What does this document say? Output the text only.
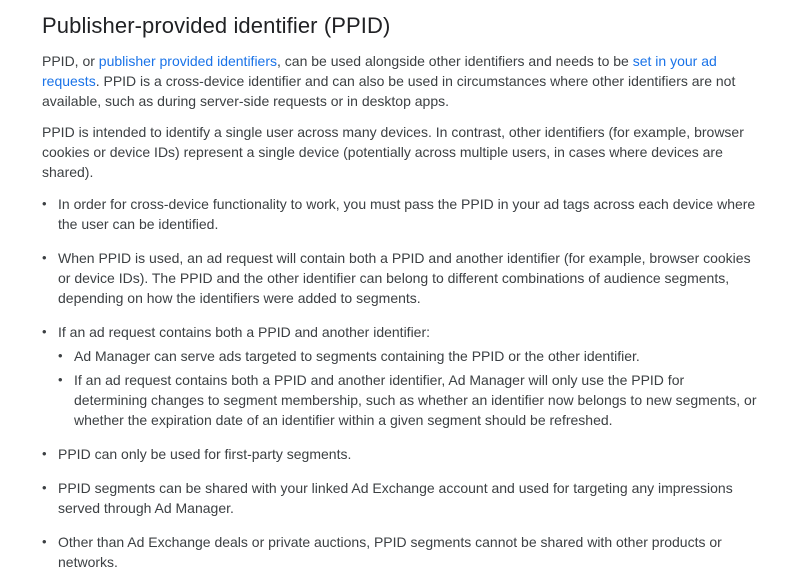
Publisher-provided identifier (PPID)

PPID, or publisher provided identifiers, can be used alongside other identifiers and needs to be set in your ad requests. PPID is a cross-device identifier and can also be used in circumstances where other identifiers are not available, such as during server-side requests or in desktop apps.

PPID is intended to identify a single user across many devices. In contrast, other identifiers (for example, browser cookies or device IDs) represent a single device (potentially across multiple users, in cases where devices are shared).

• In order for cross-device functionality to work, you must pass the PPID in your ad tags across each device where the user can be identified.
• When PPID is used, an ad request will contain both a PPID and another identifier (for example, browser cookies or device IDs). The PPID and the other identifier can belong to different combinations of audience segments, depending on how the identifiers were added to segments.
• If an ad request contains both a PPID and another identifier:
• Ad Manager can serve ads targeted to segments containing the PPID or the other identifier.
• If an ad request contains both a PPID and another identifier, Ad Manager will only use the PPID for determining changes to segment membership, such as whether an identifier now belongs to new segments, or whether the expiration date of an identifier within a given segment should be refreshed.
• PPID can only be used for first-party segments.
• PPID segments can be shared with your linked Ad Exchange account and used for targeting any impressions served through Ad Manager.
• Other than Ad Exchange deals or private auctions, PPID segments cannot be shared with other products or networks.
